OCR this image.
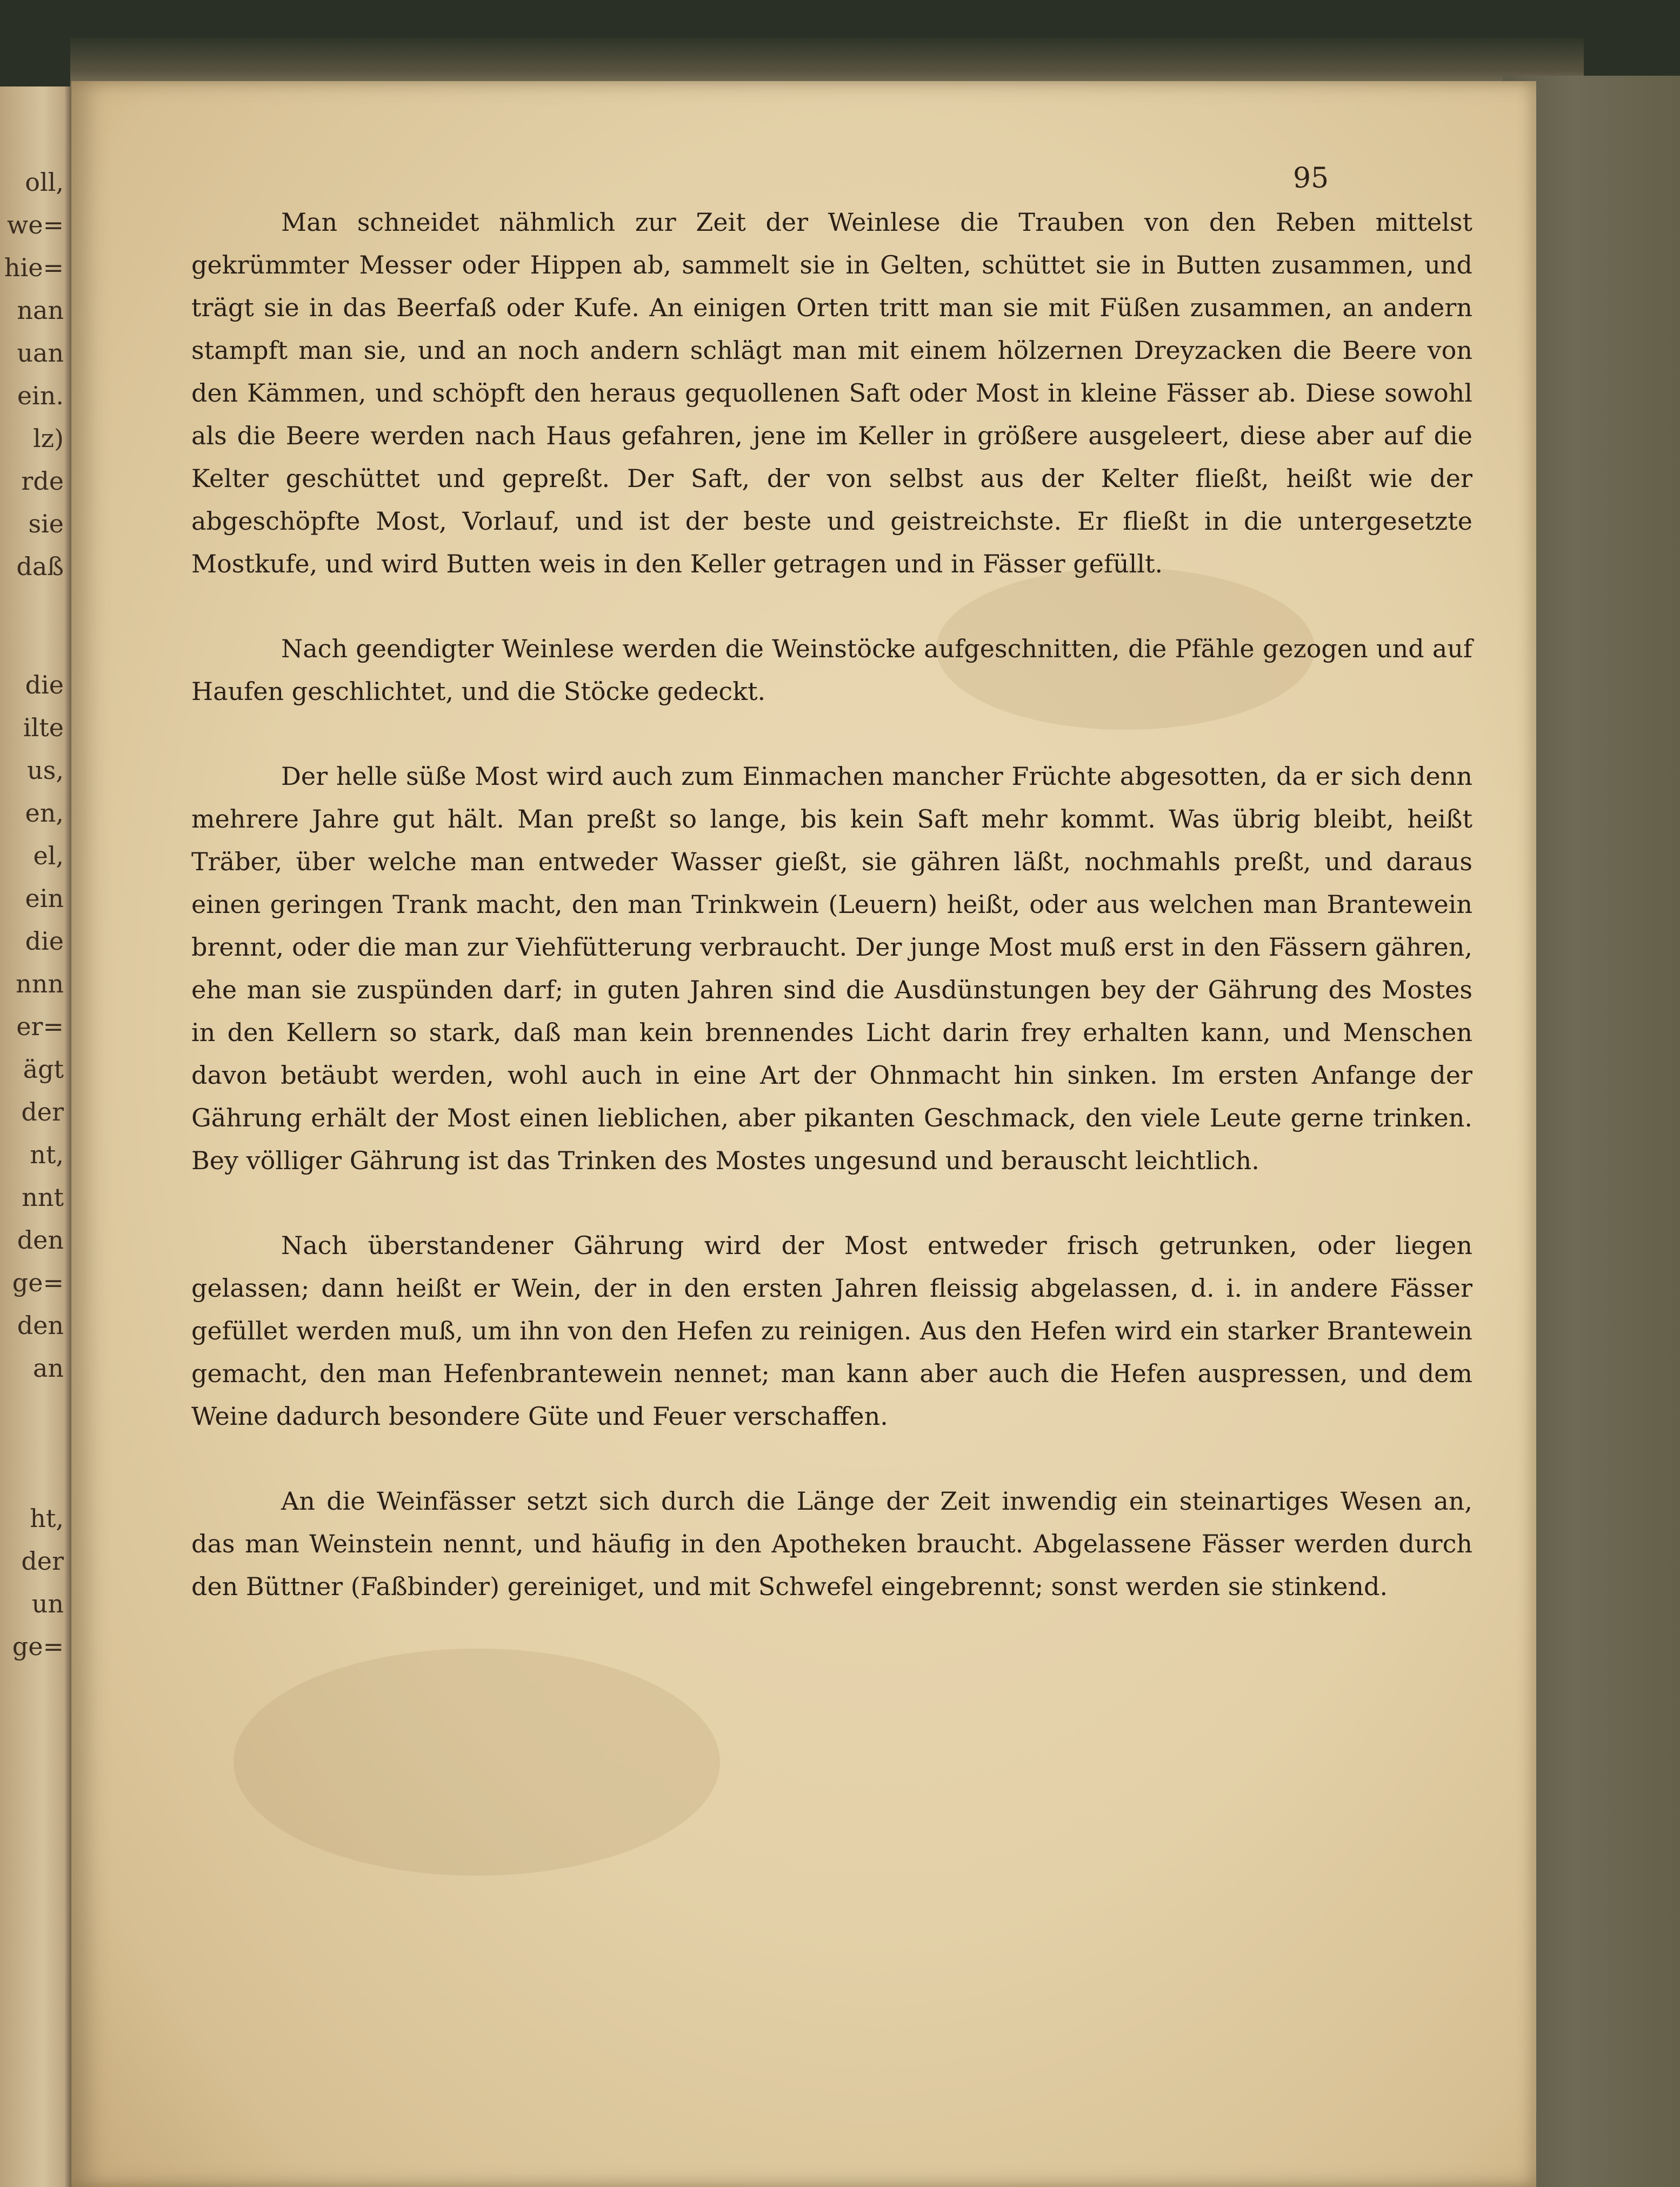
oll,
we=
hie=
nan
uan
ein.
lz)
rde
sie
daß
die
ilte
us,
en,
el,
ein
die
nnn
er=
ägt
der
nt,
nnt
den
ge=
den
an
ht,
der
un
ge=
95

Man schneidet nähmlich zur Zeit der Weinlese die Trauben von den Reben mittelst gekrümmter Messer oder Hippen ab, sammelt sie in Gelten, schüttet sie in Butten zusammen, und trägt sie in das Beerfaß oder Kufe. An einigen Orten tritt man sie mit Füßen zusammen, an andern stampft man sie, und an noch andern schlägt man mit einem hölzernen Dreyzacken die Beere von den Kämmen, und schöpft den heraus gequollenen Saft oder Most in kleine Fässer ab. Diese sowohl als die Beere werden nach Haus gefahren, jene im Keller in größere ausgeleert, diese aber auf die Kelter geschüttet und gepreßt. Der Saft, der von selbst aus der Kelter fließt, heißt wie der abgeschöpfte Most, Vorlauf, und ist der beste und geistreichste. Er fließt in die untergesetzte Mostkufe, und wird Butten weis in den Keller getragen und in Fässer gefüllt.

Nach geendigter Weinlese werden die Weinstöcke aufgeschnitten, die Pfähle gezogen und auf Haufen geschlichtet, und die Stöcke gedeckt.

Der helle süße Most wird auch zum Einmachen mancher Früchte abgesotten, da er sich denn mehrere Jahre gut hält. Man preßt so lange, bis kein Saft mehr kommt. Was übrig bleibt, heißt Träber, über welche man entweder Wasser gießt, sie gähren läßt, nochmahls preßt, und daraus einen geringen Trank macht, den man Trinkwein (Leuern) heißt, oder aus welchen man Brantewein brennt, oder die man zur Viehfütterung verbraucht. Der junge Most muß erst in den Fässern gähren, ehe man sie zuspünden darf; in guten Jahren sind die Ausdünstungen bey der Gährung des Mostes in den Kellern so stark, daß man kein brennendes Licht darin frey erhalten kann, und Menschen davon betäubt werden, wohl auch in eine Art der Ohnmacht hin sinken. Im ersten Anfange der Gährung erhält der Most einen lieblichen, aber pikanten Geschmack, den viele Leute gerne trinken. Bey völliger Gährung ist das Trinken des Mostes ungesund und berauscht leichtlich.

Nach überstandener Gährung wird der Most entweder frisch getrunken, oder liegen gelassen; dann heißt er Wein, der in den ersten Jahren fleissig abgelassen, d. i. in andere Fässer gefüllet werden muß, um ihn von den Hefen zu reinigen. Aus den Hefen wird ein starker Brantewein gemacht, den man Hefenbrantewein nennet; man kann aber auch die Hefen auspressen, und dem Weine dadurch besondere Güte und Feuer verschaffen.

An die Weinfässer setzt sich durch die Länge der Zeit inwendig ein steinartiges Wesen an, das man Weinstein nennt, und häufig in den Apotheken braucht. Abgelassene Fässer werden durch den Büttner (Faßbinder) gereiniget, und mit Schwefel eingebrennt; sonst werden sie stinkend.
